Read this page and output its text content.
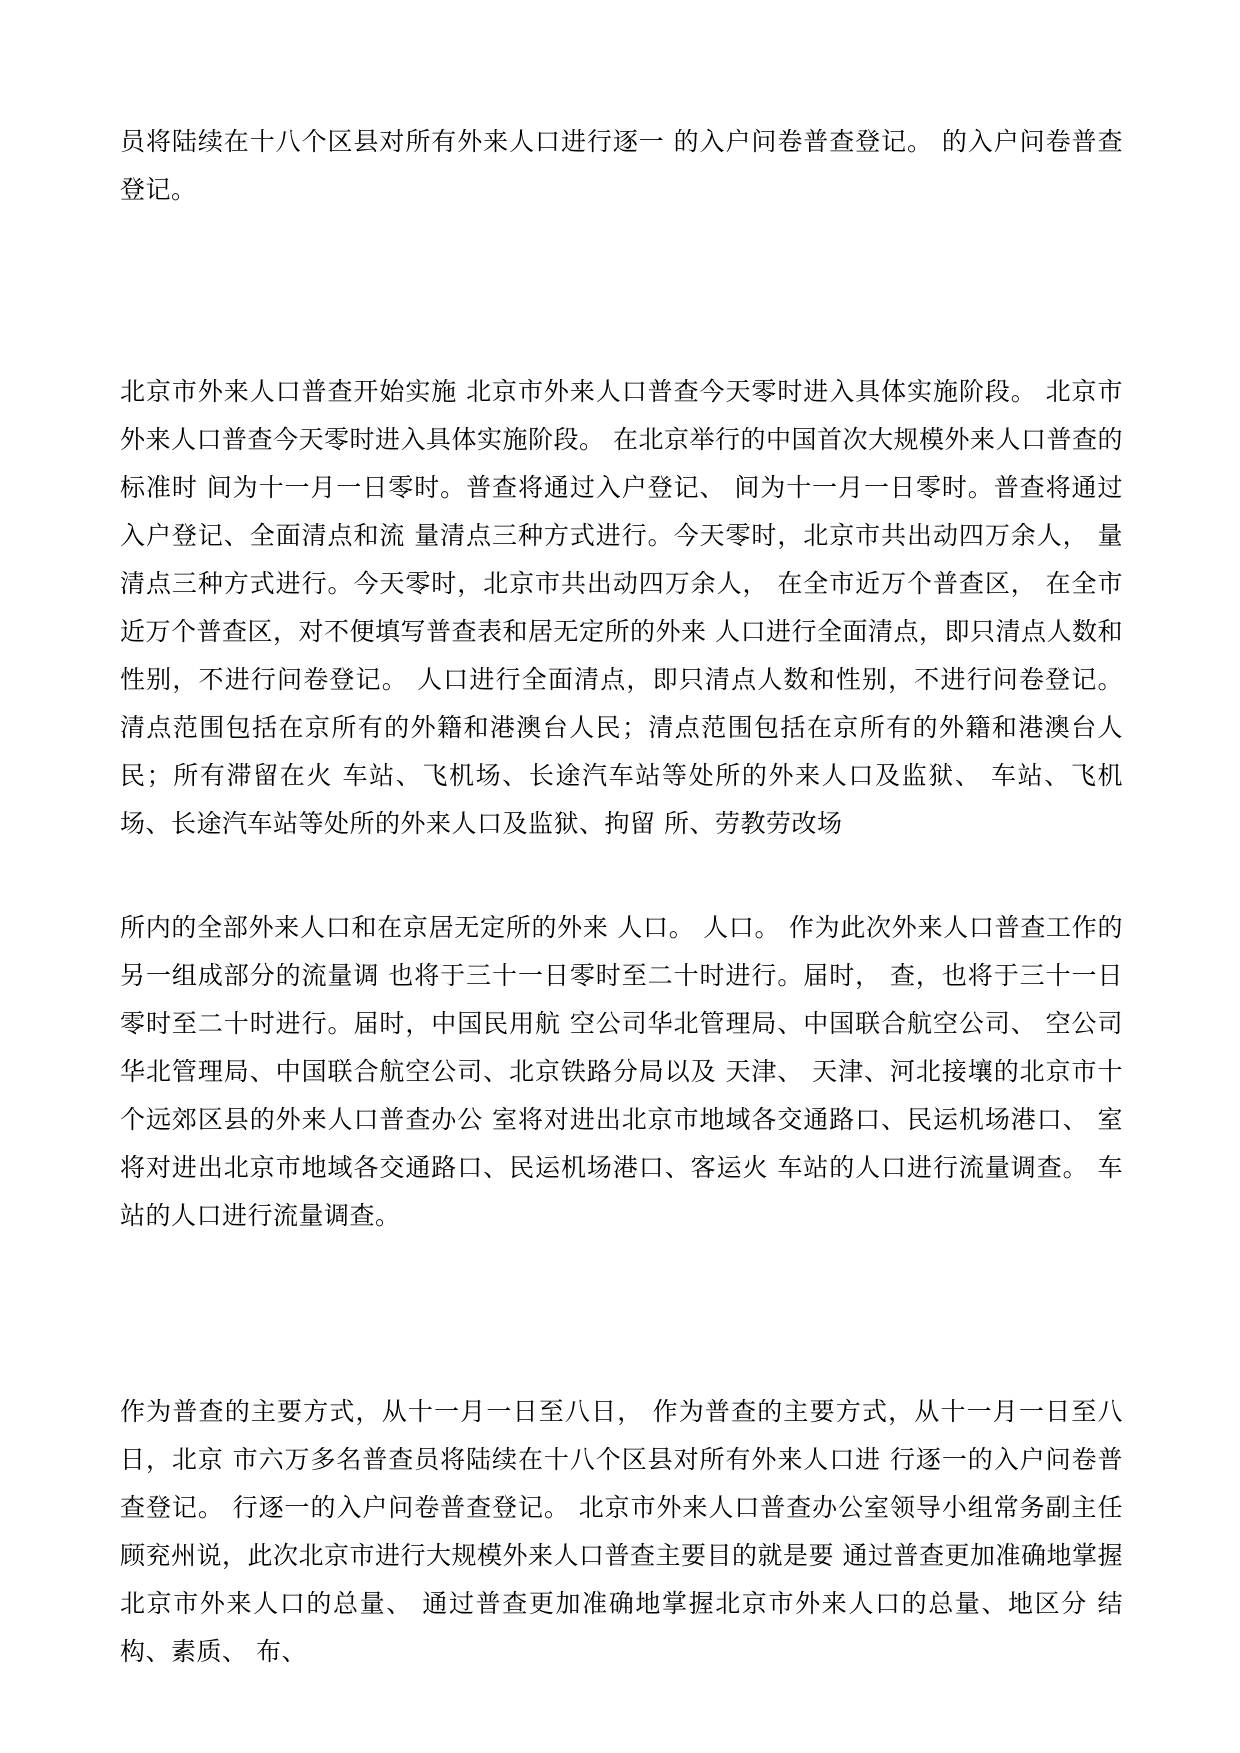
员将陆续在十八个区县对所有外来人口进行逐一 的入户问卷普查登记。 的入户问卷普查登记。

北京市外来人口普查开始实施 北京市外来人口普查今天零时进入具体实施阶段。 北京市外来人口普查今天零时进入具体实施阶段。 在北京举行的中国首次大规模外来人口普查的标准时 间为十一月一日零时。普查将通过入户登记、 间为十一月一日零时。普查将通过入户登记、全面清点和流 量清点三种方式进行。今天零时，北京市共出动四万余人， 量清点三种方式进行。今天零时，北京市共出动四万余人， 在全市近万个普查区， 在全市近万个普查区，对不便填写普查表和居无定所的外来 人口进行全面清点，即只清点人数和性别，不进行问卷登记。 人口进行全面清点，即只清点人数和性别，不进行问卷登记。 清点范围包括在京所有的外籍和港澳台人民；清点范围包括在京所有的外籍和港澳台人民；所有滞留在火 车站、飞机场、长途汽车站等处所的外来人口及监狱、 车站、飞机场、长途汽车站等处所的外来人口及监狱、拘留 所、劳教劳改场

所内的全部外来人口和在京居无定所的外来 人口。 人口。 作为此次外来人口普查工作的另一组成部分的流量调 也将于三十一日零时至二十时进行。届时， 查，也将于三十一日零时至二十时进行。届时，中国民用航 空公司华北管理局、中国联合航空公司、 空公司华北管理局、中国联合航空公司、北京铁路分局以及 天津、 天津、河北接壤的北京市十个远郊区县的外来人口普查办公 室将对进出北京市地域各交通路口、民运机场港口、 室将对进出北京市地域各交通路口、民运机场港口、客运火 车站的人口进行流量调查。 车站的人口进行流量调查。

作为普查的主要方式，从十一月一日至八日， 作为普查的主要方式，从十一月一日至八日，北京 市六万多名普查员将陆续在十八个区县对所有外来人口进 行逐一的入户问卷普查登记。 行逐一的入户问卷普查登记。 北京市外来人口普查办公室领导小组常务副主任顾兖州说，此次北京市进行大规模外来人口普查主要目的就是要 通过普查更加准确地掌握北京市外来人口的总量、 通过普查更加准确地掌握北京市外来人口的总量、地区分 结构、素质、 布、
